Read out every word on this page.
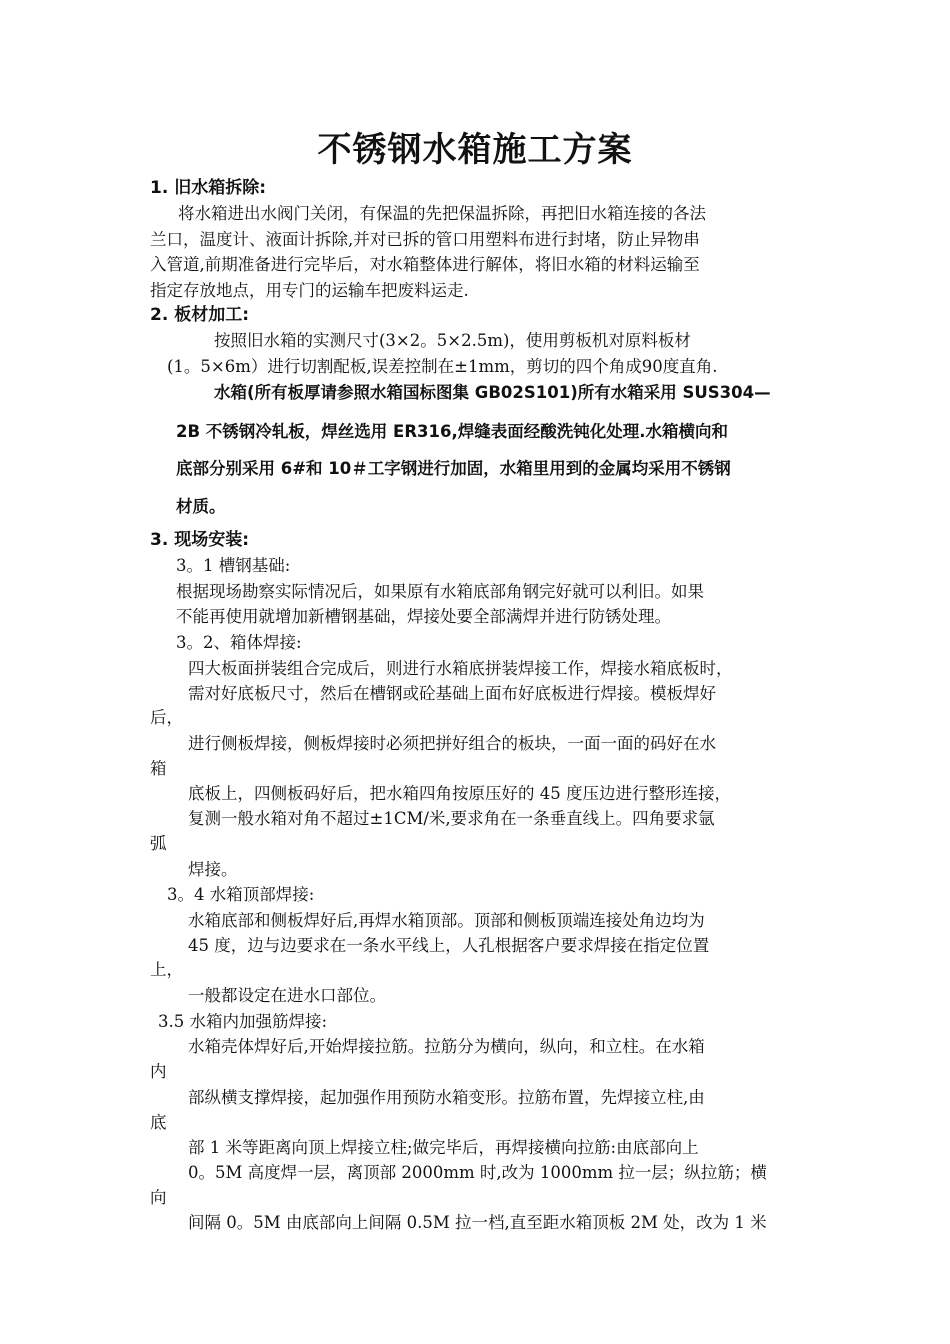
不锈钢水箱施工方案
1. 旧水箱拆除:
将水箱进出水阀门关闭，有保温的先把保温拆除，再把旧水箱连接的各法
兰口，温度计、液面计拆除,并对已拆的管口用塑料布进行封堵，防止异物串
入管道,前期准备进行完毕后，对水箱整体进行解体，将旧水箱的材料运输至
指定存放地点，用专门的运输车把废料运走.
2. 板材加工:
按照旧水箱的实测尺寸(3×2。5×2.5m)，使用剪板机对原料板材
(1。5×6m）进行切割配板,误差控制在±1mm，剪切的四个角成90度直角.
水箱(所有板厚请参照水箱国标图集 GB02S101)所有水箱采用 SUS304—
2B 不锈钢冷轧板，焊丝选用 ER316,焊缝表面经酸洗钝化处理.水箱横向和
底部分别采用 6#和 10＃工字钢进行加固，水箱里用到的金属均采用不锈钢
材质。
3. 现场安装:
3。1 槽钢基础:
根据现场勘察实际情况后，如果原有水箱底部角钢完好就可以利旧。如果
不能再使用就增加新槽钢基础，焊接处要全部满焊并进行防锈处理。
3。2、箱体焊接:
四大板面拼装组合完成后，则进行水箱底拼装焊接工作，焊接水箱底板时，
需对好底板尺寸，然后在槽钢或砼基础上面布好底板进行焊接。模板焊好
后，
进行侧板焊接，侧板焊接时必须把拼好组合的板块，一面一面的码好在水
箱
底板上，四侧板码好后，把水箱四角按原压好的 45 度压边进行整形连接，
复测一般水箱对角不超过±1CM/米,要求角在一条垂直线上。四角要求氩
弧
焊接。
3。4 水箱顶部焊接:
水箱底部和侧板焊好后,再焊水箱顶部。顶部和侧板顶端连接处角边均为
45 度，边与边要求在一条水平线上，人孔根据客户要求焊接在指定位置
上，
一般都设定在进水口部位。
3.5 水箱内加强筋焊接:
水箱壳体焊好后,开始焊接拉筋。拉筋分为横向，纵向，和立柱。在水箱
内
部纵横支撑焊接，起加强作用预防水箱变形。拉筋布置，先焊接立柱,由
底
部 1 米等距离向顶上焊接立柱;做完毕后，再焊接横向拉筋:由底部向上
0。5M 高度焊一层，离顶部 2000mm 时,改为 1000mm 拉一层；纵拉筋；横
向
间隔 0。5M 由底部向上间隔 0.5M 拉一档,直至距水箱顶板 2M 处，改为 1 米
